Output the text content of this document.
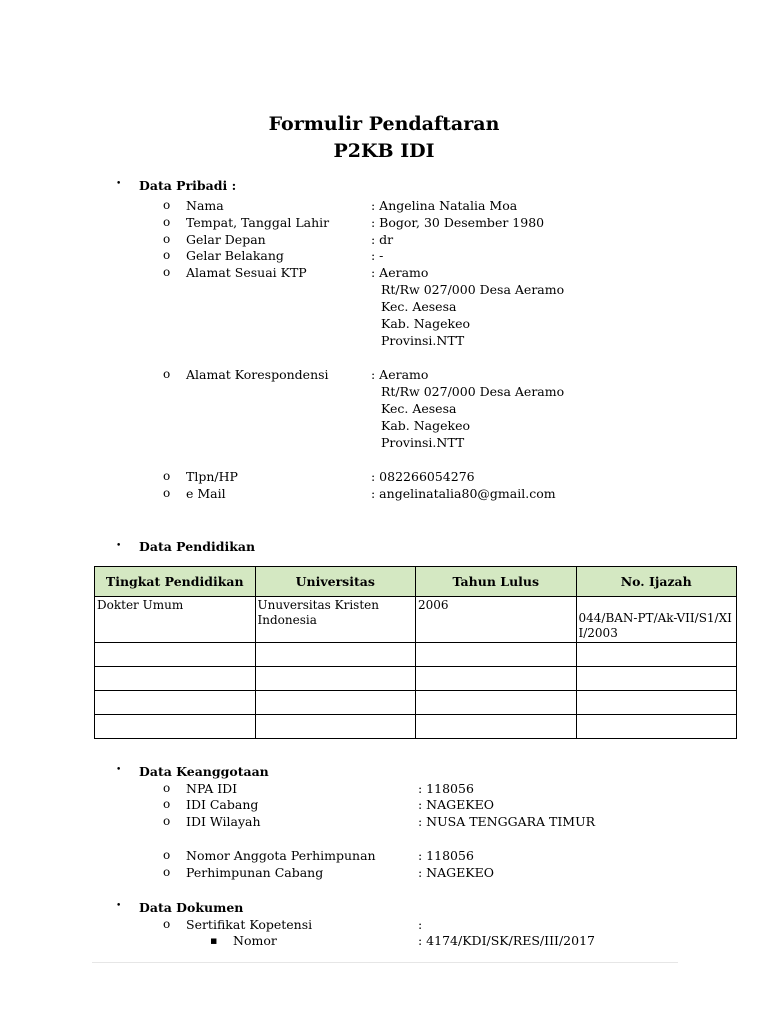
Formulir Pendaftaran
P2KB IDI
• Data Pribadi :
o Nama	: Angelina Natalia Moa
o Tempat, Tanggal Lahir	: Bogor, 30 Desember 1980
o Gelar Depan	: dr
o Gelar Belakang	: -
o Alamat Sesuai KTP	: Aeramo
Rt/Rw 027/000 Desa Aeramo
Kec. Aesesa
Kab. Nagekeo
Provinsi.NTT
o Alamat Korespondensi	: Aeramo
Rt/Rw 027/000 Desa Aeramo
Kec. Aesesa
Kab. Nagekeo
Provinsi.NTT
o Tlpn/HP	: 082266054276
o e Mail	: angelinatalia80@gmail.com
• Data Pendidikan
Tingkat Pendidikan	Universitas	Tahun Lulus	No. Ijazah
Dokter Umum	Unuversitas Kristen Indonesia	2006	044/BAN-PT/Ak-VII/S1/XII/2003

• Data Keanggotaan
o NPA IDI	: 118056
o IDI Cabang	: NAGEKEO
o IDI Wilayah	: NUSA TENGGARA TIMUR
o Nomor Anggota Perhimpunan	: 118056
o Perhimpunan Cabang	: NAGEKEO
• Data Dokumen
o Sertifikat Kopetensi	:
▪ Nomor	: 4174/KDI/SK/RES/III/2017
